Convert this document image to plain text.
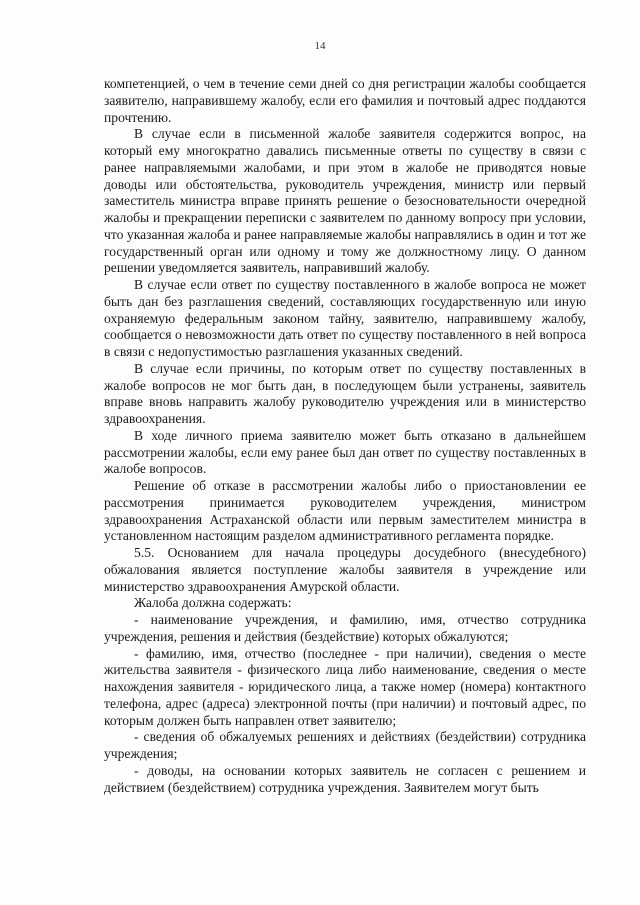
14

компетенцией, о чем в течение семи дней со дня регистрации жалобы сообщается заявителю, направившему жалобу, если его фамилия и почтовый адрес поддаются прочтению.

В случае если в письменной жалобе заявителя содержится вопрос, на который ему многократно давались письменные ответы по существу в связи с ранее направляемыми жалобами, и при этом в жалобе не приводятся новые доводы или обстоятельства, руководитель учреждения, министр или первый заместитель министра вправе принять решение о безосновательности очередной жалобы и прекращении переписки с заявителем по данному вопросу при условии, что указанная жалоба и ранее направляемые жалобы направлялись в один и тот же государственный орган или одному и тому же должностному лицу. О данном решении уведомляется заявитель, направивший жалобу.

В случае если ответ по существу поставленного в жалобе вопроса не может быть дан без разглашения сведений, составляющих государственную или иную охраняемую федеральным законом тайну, заявителю, направившему жалобу, сообщается о невозможности дать ответ по существу поставленного в ней вопроса в связи с недопустимостью разглашения указанных сведений.

В случае если причины, по которым ответ по существу поставленных в жалобе вопросов не мог быть дан, в последующем были устранены, заявитель вправе вновь направить жалобу руководителю учреждения или в министерство здравоохранения.

В ходе личного приема заявителю может быть отказано в дальнейшем рассмотрении жалобы, если ему ранее был дан ответ по существу поставленных в жалобе вопросов.

Решение об отказе в рассмотрении жалобы либо о приостановлении ее рассмотрения принимается руководителем учреждения, министром здравоохранения Астраханской области или первым заместителем министра в установленном настоящим разделом административного регламента порядке.

5.5. Основанием для начала процедуры досудебного (внесудебного) обжалования является поступление жалобы заявителя в учреждение или министерство здравоохранения Амурской области.

Жалоба должна содержать:

- наименование учреждения, и фамилию, имя, отчество сотрудника учреждения, решения и действия (бездействие) которых обжалуются;

- фамилию, имя, отчество (последнее - при наличии), сведения о месте жительства заявителя - физического лица либо наименование, сведения о месте нахождения заявителя - юридического лица, а также номер (номера) контактного телефона, адрес (адреса) электронной почты (при наличии) и почтовый адрес, по которым должен быть направлен ответ заявителю;

- сведения об обжалуемых решениях и действиях (бездействии) сотрудника учреждения;

- доводы, на основании которых заявитель не согласен с решением и действием (бездействием) сотрудника учреждения. Заявителем могут быть
